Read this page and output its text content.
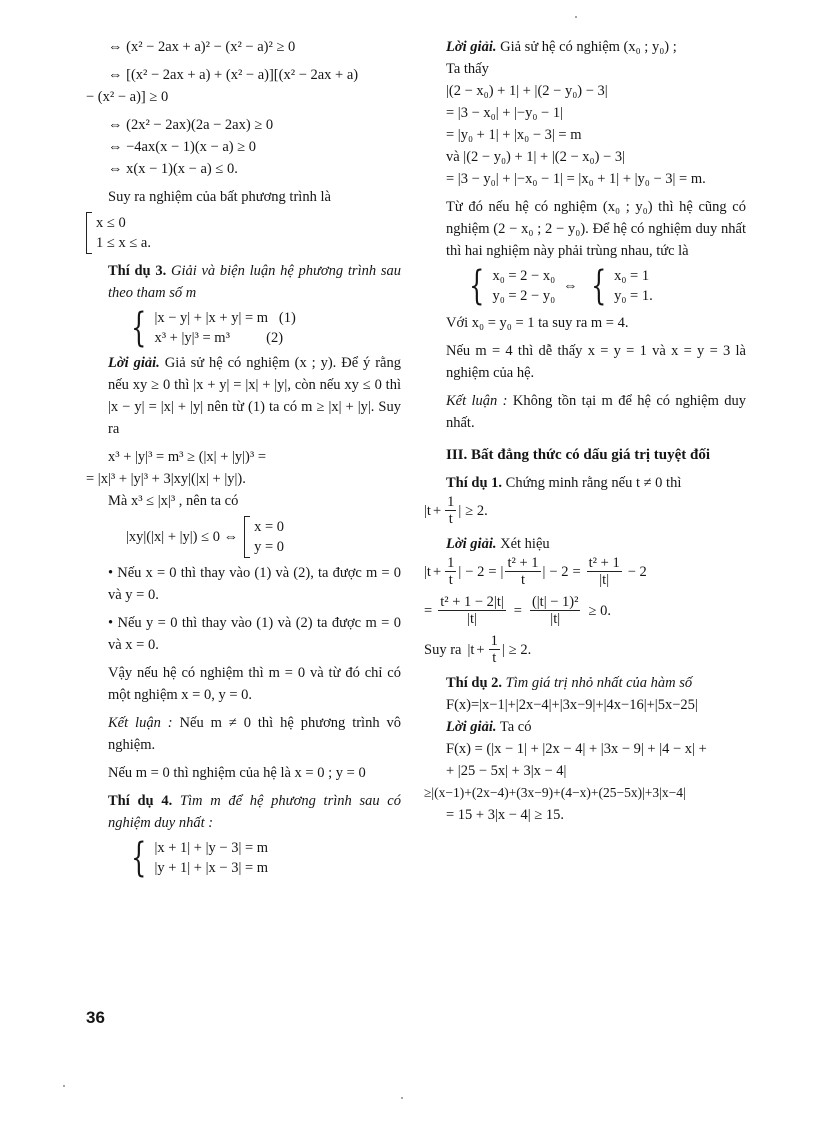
⇔ (x² − 2ax + a)² − (x² − a)² ≥ 0
⇔ [(x² − 2ax + a) + (x² − a)][(x² − 2ax + a)
− (x² − a)] ≥ 0
⇔ (2x² − 2ax)(2a − 2ax) ≥ 0
⇔ −4ax(x − 1)(x − a) ≥ 0
⇔ x(x − 1)(x − a) ≤ 0.
Suy ra nghiệm của bất phương trình là
x ≤ 0
1 ≤ x ≤ a.
Thí dụ 3. Giải và biện luận hệ phương trình sau theo tham số m
{ |x − y| + |x + y| = m   (1)
x³ + |y|³ = m³          (2)
Lời giải. Giả sử hệ có nghiệm (x ; y). Để ý rằng nếu xy ≥ 0 thì |x + y| = |x| + |y|, còn nếu xy ≤ 0 thì |x − y| = |x| + |y| nên từ (1) ta có m ≥ |x| + |y|. Suy ra
x³ + |y|³ = m³ ≥ (|x| + |y|)³ =
= |x|³ + |y|³ + 3|xy|(|x| + |y|).
Mà x³ ≤ |x|³ , nên ta có
|xy|(|x| + |y|) ≤ 0 ⇔
x = 0
y = 0
• Nếu x = 0 thì thay vào (1) và (2), ta được m = 0 và y = 0.
• Nếu y = 0 thì thay vào (1) và (2) ta được m = 0 và x = 0.
Vậy nếu hệ có nghiệm thì m = 0 và từ đó chỉ có một nghiệm x = 0, y = 0.
Kết luận : Nếu m ≠ 0 thì hệ phương trình vô nghiệm.
Nếu m = 0 thì nghiệm của hệ là x = 0 ; y = 0
Thí dụ 4. Tìm m để hệ phương trình sau có nghiệm duy nhất :
{ |x + 1| + |y − 3| = m
|y + 1| + |x − 3| = m
Lời giải. Giả sử hệ có nghiệm (x₀ ; y₀) ;
Ta thấy
|(2 − x₀) + 1| + |(2 − y₀) − 3|
= |3 − x₀| + |−y₀ − 1|
= |y₀ + 1| + |x₀ − 3| = m
và |(2 − y₀) + 1| + |(2 − x₀) − 3|
= |3 − y₀| + |−x₀ − 1| = |x₀ + 1| + |y₀ − 3| = m.
Từ đó nếu hệ có nghiệm (x₀ ; y₀) thì hệ cũng có nghiệm (2 − x₀ ; 2 − y₀). Để hệ có nghiệm duy nhất thì hai nghiệm này phải trùng nhau, tức là
{ x₀ = 2 − x₀
y₀ = 2 − y₀
⇔ { x₀ = 1
y₀ = 1.
Với x₀ = y₀ = 1 ta suy ra m = 4.
Nếu m = 4 thì dễ thấy x = y = 1 và x = y = 3 là nghiệm của hệ.
Kết luận : Không tồn tại m để hệ có nghiệm duy nhất.
III. Bất đẳng thức có dấu giá trị tuyệt đối
Thí dụ 1. Chứng minh rằng nếu t ≠ 0 thì
| $t + \frac{1}{t}$ | ≥ 2.
Lời giải. Xét hiệu
| $t + \frac{1}{t}$ | − 2 = | $\frac{\text{t² + 1}}{t}$ | − $2 = \frac{\text{t² + 1}}{|t|} - 2$
= $\frac{\text{t² + 1 − 2|t|}}{|t|} = \frac{\text{(|t| − 1)²}}{|t|} \ge 0$.
Suy ra | $t + \frac{1}{t}$ | ≥ 2.
Thí dụ 2. Tìm giá trị nhỏ nhất của hàm số
F(x)=|x−1|+|2x−4|+|3x−9|+|4x−16|+|5x−25|
Lời giải. Ta có
F(x) = (|x − 1| + |2x − 4| + |3x − 9| + |4 − x| +
+ |25 − 5x| + 3|x − 4|
≥|(x−1)+(2x−4)+(3x−9)+(4−x)+(25−5x)|+3|x−4|
= 15 + 3|x − 4| ≥ 15.
36
